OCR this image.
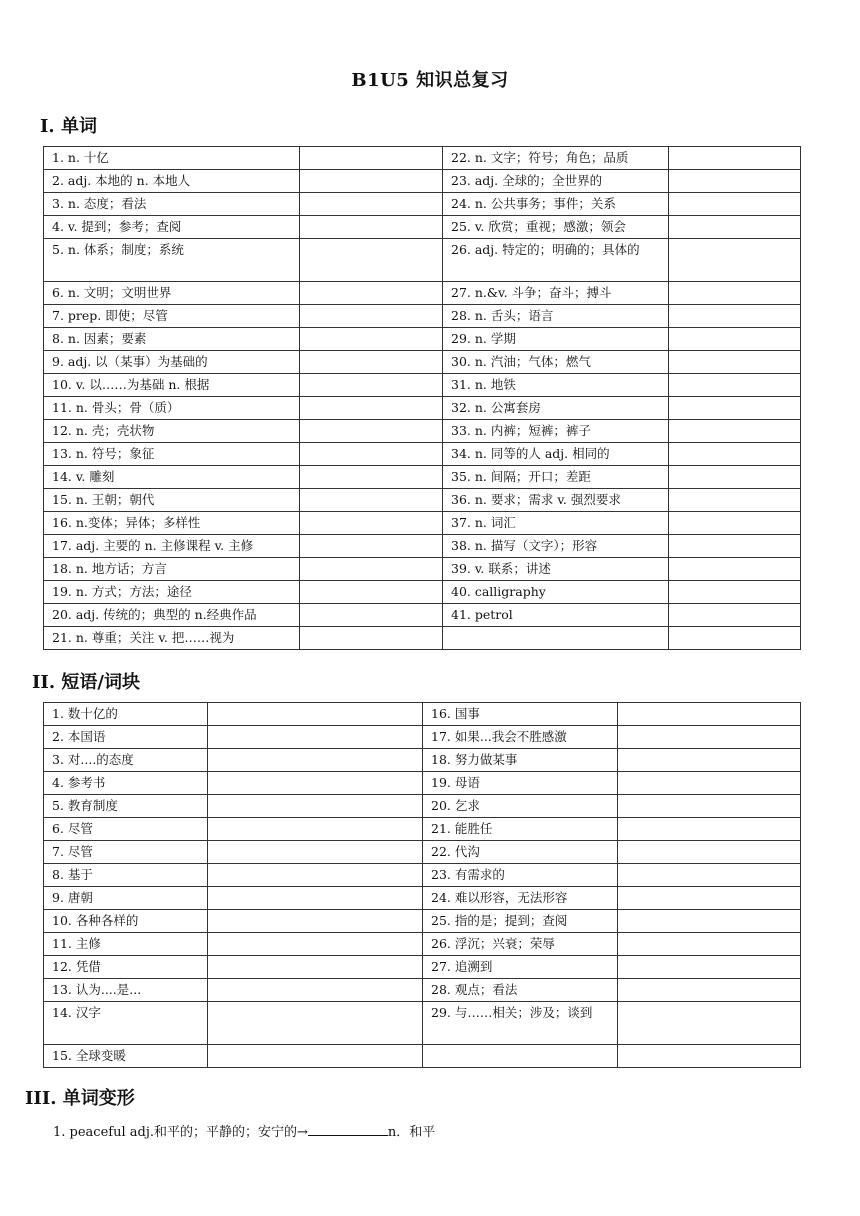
B1U5 知识总复习
I. 单词
1. n. 十亿		22. n. 文字；符号；角色；品质	
2. adj. 本地的 n. 本地人		23. adj. 全球的；全世界的	
3. n. 态度；看法		24. n. 公共事务；事件；关系	
4. v. 提到；参考；查阅		25. v. 欣赏；重视；感激；领会	
5. n. 体系；制度；系统		26. adj. 特定的；明确的；具体的	
6. n. 文明；文明世界		27. n.&v. 斗争；奋斗；搏斗	
7. prep. 即使；尽管		28. n. 舌头；语言	
8. n. 因素；要素		29. n. 学期	
9. adj. 以（某事）为基础的		30. n. 汽油；气体；燃气	
10. v. 以……为基础 n. 根据		31. n. 地铁	
11. n. 骨头；骨（质）		32. n. 公寓套房	
12. n. 壳；壳状物		33. n. 内裤；短裤；裤子	
13. n. 符号；象征		34. n. 同等的人 adj. 相同的	
14. v. 雕刻		35. n. 间隔；开口；差距	
15. n. 王朝；朝代		36. n. 要求；需求 v. 强烈要求	
16. n.变体；异体；多样性		37. n. 词汇	
17. adj. 主要的 n. 主修课程 v. 主修		38. n. 描写（文字）；形容	
18. n. 地方话；方言		39. v. 联系；讲述	
19. n. 方式；方法；途径		40. calligraphy	
20. adj. 传统的；典型的 n.经典作品		41. petrol	
21. n. 尊重；关注 v. 把……视为			
II. 短语/词块
1. 数十亿的		16. 国事	
2. 本国语		17. 如果...我会不胜感激	
3. 对....的态度		18. 努力做某事	
4. 参考书		19. 母语	
5. 教育制度		20. 乞求	
6. 尽管		21. 能胜任	
7. 尽管		22. 代沟	
8. 基于		23. 有需求的	
9. 唐朝		24. 难以形容，无法形容	
10. 各种各样的		25. 指的是；提到；查阅	
11. 主修		26. 浮沉；兴衰；荣辱	
12. 凭借		27. 追溯到	
13. 认为....是...		28. 观点；看法	
14. 汉字		29. 与……相关；涉及；谈到	
15. 全球变暖			
III. 单词变形
1. peaceful adj.和平的；平静的；安宁的→	n．和平
